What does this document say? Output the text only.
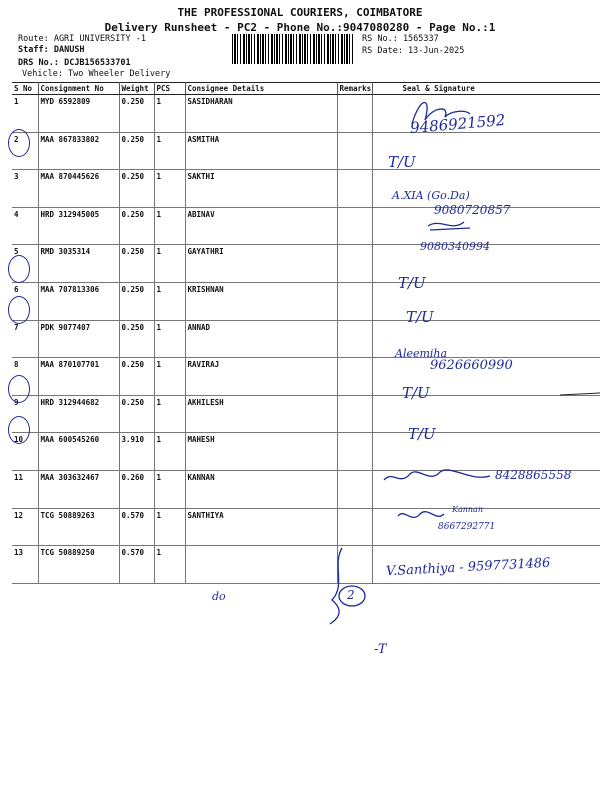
THE PROFESSIONAL COURIERS, COIMBATORE
Delivery Runsheet - PC2 - Phone No.:9047080280 - Page No.:1
Route: AGRI UNIVERSITY -1
Staff: DANUSH
DRS No.: DCJB156533701
Vehicle: Two Wheeler Delivery
RS No.: 1565337
RS Date: 13-Jun-2025
S No	Consignment No	Weight	PCS	Consignee Details	Remarks	Seal & Signature
1	MYD 6592809	0.250	1	SASIDHARAN		
2	MAA 867833802	0.250	1	ASMITHA		
3	MAA 870445626	0.250	1	SAKTHI		
4	HRD 312945005	0.250	1	ABINAV		
5	RMD 3035314	0.250	1	GAYATHRI		
6	MAA 707813306	0.250	1	KRISHNAN		
7	PDK 9077407	0.250	1	ANNAD		
8	MAA 870107701	0.250	1	RAVIRAJ		
9	HRD 312944682	0.250	1	AKHILESH		
10	MAA 600545260	3.910	1	MAHESH		
11	MAA 303632467	0.260	1	KANNAN		
12	TCG 50889263	0.570	1	SANTHIYA		
13	TCG 50889250	0.570	1			
9486921592
T/U
A.XIA (Go.Da)
9080720857
9080340994
T/U
T/U
Aleemiha
9626660990
T/U
T/U
8428865558
Kannan
8667292771
V.Santhiya - 9597731486
do	2
-T
